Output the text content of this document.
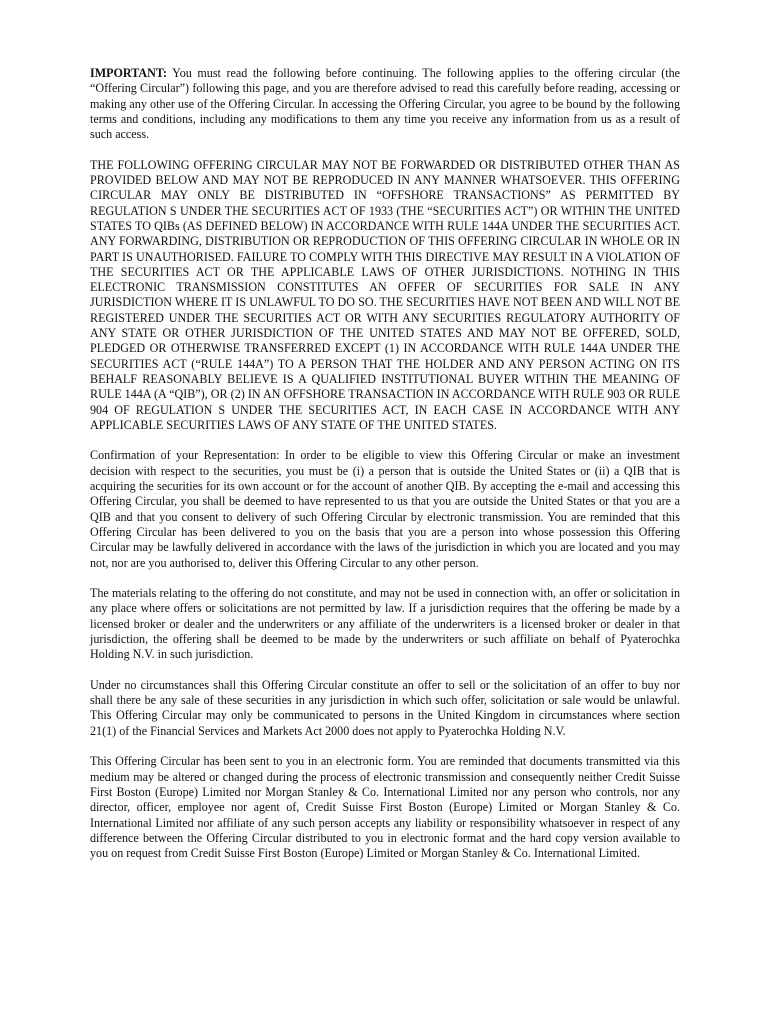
IMPORTANT: You must read the following before continuing. The following applies to the offering circular (the “Offering Circular”) following this page, and you are therefore advised to read this carefully before reading, accessing or making any other use of the Offering Circular. In accessing the Offering Circular, you agree to be bound by the following terms and conditions, including any modifications to them any time you receive any information from us as a result of such access.

THE FOLLOWING OFFERING CIRCULAR MAY NOT BE FORWARDED OR DISTRIBUTED OTHER THAN AS PROVIDED BELOW AND MAY NOT BE REPRODUCED IN ANY MANNER WHATSOEVER. THIS OFFERING CIRCULAR MAY ONLY BE DISTRIBUTED IN “OFFSHORE TRANSACTIONS” AS PERMITTED BY REGULATION S UNDER THE SECURITIES ACT OF 1933 (THE “SECURITIES ACT”) OR WITHIN THE UNITED STATES TO QIBs (AS DEFINED BELOW) IN ACCORDANCE WITH RULE 144A UNDER THE SECURITIES ACT. ANY FORWARDING, DISTRIBUTION OR REPRODUCTION OF THIS OFFERING CIRCULAR IN WHOLE OR IN PART IS UNAUTHORISED. FAILURE TO COMPLY WITH THIS DIRECTIVE MAY RESULT IN A VIOLATION OF THE SECURITIES ACT OR THE APPLICABLE LAWS OF OTHER JURISDICTIONS. NOTHING IN THIS ELECTRONIC TRANSMISSION CONSTITUTES AN OFFER OF SECURITIES FOR SALE IN ANY JURISDICTION WHERE IT IS UNLAWFUL TO DO SO. THE SECURITIES HAVE NOT BEEN AND WILL NOT BE REGISTERED UNDER THE SECURITIES ACT OR WITH ANY SECURITIES REGULATORY AUTHORITY OF ANY STATE OR OTHER JURISDICTION OF THE UNITED STATES AND MAY NOT BE OFFERED, SOLD, PLEDGED OR OTHERWISE TRANSFERRED EXCEPT (1) IN ACCORDANCE WITH RULE 144A UNDER THE SECURITIES ACT (“RULE 144A”) TO A PERSON THAT THE HOLDER AND ANY PERSON ACTING ON ITS BEHALF REASONABLY BELIEVE IS A QUALIFIED INSTITUTIONAL BUYER WITHIN THE MEANING OF RULE 144A (A “QIB”), OR (2) IN AN OFFSHORE TRANSACTION IN ACCORDANCE WITH RULE 903 OR RULE 904 OF REGULATION S UNDER THE SECURITIES ACT, IN EACH CASE IN ACCORDANCE WITH ANY APPLICABLE SECURITIES LAWS OF ANY STATE OF THE UNITED STATES.

Confirmation of your Representation: In order to be eligible to view this Offering Circular or make an investment decision with respect to the securities, you must be (i) a person that is outside the United States or (ii) a QIB that is acquiring the securities for its own account or for the account of another QIB. By accepting the e-mail and accessing this Offering Circular, you shall be deemed to have represented to us that you are outside the United States or that you are a QIB and that you consent to delivery of such Offering Circular by electronic transmission. You are reminded that this Offering Circular has been delivered to you on the basis that you are a person into whose possession this Offering Circular may be lawfully delivered in accordance with the laws of the jurisdiction in which you are located and you may not, nor are you authorised to, deliver this Offering Circular to any other person.

The materials relating to the offering do not constitute, and may not be used in connection with, an offer or solicitation in any place where offers or solicitations are not permitted by law. If a jurisdiction requires that the offering be made by a licensed broker or dealer and the underwriters or any affiliate of the underwriters is a licensed broker or dealer in that jurisdiction, the offering shall be deemed to be made by the underwriters or such affiliate on behalf of Pyaterochka Holding N.V. in such jurisdiction.

Under no circumstances shall this Offering Circular constitute an offer to sell or the solicitation of an offer to buy nor shall there be any sale of these securities in any jurisdiction in which such offer, solicitation or sale would be unlawful. This Offering Circular may only be communicated to persons in the United Kingdom in circumstances where section 21(1) of the Financial Services and Markets Act 2000 does not apply to Pyaterochka Holding N.V.

This Offering Circular has been sent to you in an electronic form. You are reminded that documents transmitted via this medium may be altered or changed during the process of electronic transmission and consequently neither Credit Suisse First Boston (Europe) Limited nor Morgan Stanley & Co. International Limited nor any person who controls, nor any director, officer, employee nor agent of, Credit Suisse First Boston (Europe) Limited or Morgan Stanley & Co. International Limited nor affiliate of any such person accepts any liability or responsibility whatsoever in respect of any difference between the Offering Circular distributed to you in electronic format and the hard copy version available to you on request from Credit Suisse First Boston (Europe) Limited or Morgan Stanley & Co. International Limited.
